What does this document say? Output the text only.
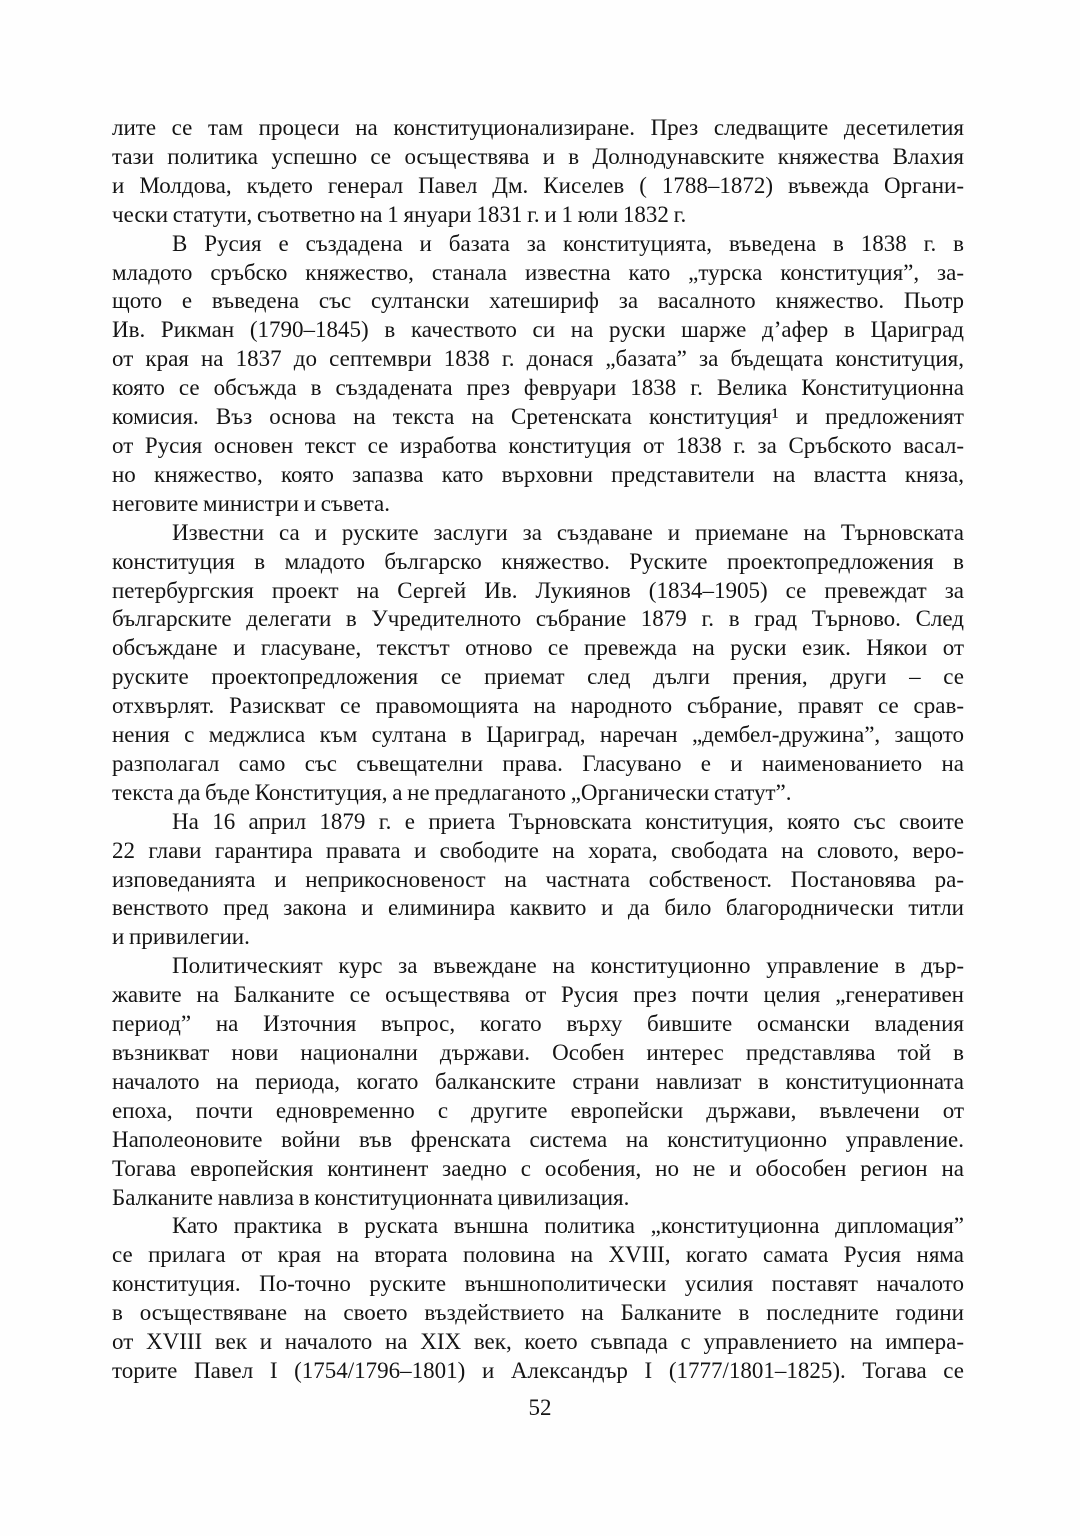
лите се там процеси на конституционализиране. През следващите десетилетия
тази политика успешно се осъществява и в Долнодунавските княжества Влахия
и Молдова, където генерал Павел Дм. Киселев ( 1788–1872) въвежда Органи-
чески статути, съответно на 1 януари 1831 г. и 1 юли 1832 г.
В Русия е създадена и базата за конституцията, въведена в 1838 г. в
младото сръбско княжество, станала известна като „турска конституция”, за-
щото е въведена със султански хатешириф за васалното княжество. Пьотр
Ив. Рикман (1790–1845) в качеството си на руски шарже д’афер в Цариград
от края на 1837 до септември 1838 г. донася „базата” за бъдещата конституция,
която се обсъжда в създадената през февруари 1838 г. Велика Конституционна
комисия. Въз основа на текста на Сретенската конституция¹ и предложеният
от Русия основен текст се изработва конституция от 1838 г. за Сръбското васал-
но княжество, която запазва като върховни представители на властта княза,
неговите министри и съвета.
Известни са и руските заслуги за създаване и приемане на Търновската
конституция в младото българско княжество. Руските проектопредложения в
петербургския проект на Сергей Ив. Лукиянов (1834–1905) се превеждат за
българските делегати в Учредителното събрание 1879 г. в град Търново. След
обсъждане и гласуване, текстът отново се превежда на руски език. Някои от
руските проектопредложения се приемат след дълги прения, други – се
отхвърлят. Разискват се правомощията на народното събрание, правят се срав-
нения с меджлиса към султана в Цариград, наречан „дембел-дружина”, защото
разполагал само със съвещателни права. Гласувано е и наименованието на
текста да бъде Конституция, а не предлаганото „Органически статут”.
На 16 април 1879 г. е приета Търновската конституция, която със своите
22 глави гарантира правата и свободите на хората, свободата на словото, веро-
изповеданията и неприкосновеност на частната собственост. Постановява ра-
венството пред закона и елиминира каквито и да било благороднически титли
и привилегии.
Политическият курс за въвеждане на конституционно управление в дър-
жавите на Балканите се осъществява от Русия през почти целия „генеративен
период” на Източния въпрос, когато върху бившите османски владения
възникват нови национални държави. Особен интерес представлява той в
началото на периода, когато балканските страни навлизат в конституционната
епоха, почти едновременно с другите европейски държави, въвлечени от
Наполеоновите войни във френската система на конституционно управление.
Тогава европейския континент заедно с особения, но не и обособен регион на
Балканите навлиза в конституционната цивилизация.
Като практика в руската външна политика „конституционна дипломация”
се прилага от края на втората половина на XVIII, когато самата Русия няма
конституция. По-точно руските външнополитически усилия поставят началото
в осъществяване на своето въздействието на Балканите в последните години
от XVIII век и началото на XIX век, което съвпада с управлението на импера-
торите Павел I (1754/1796–1801) и Александър I (1777/1801–1825). Тогава се
52
